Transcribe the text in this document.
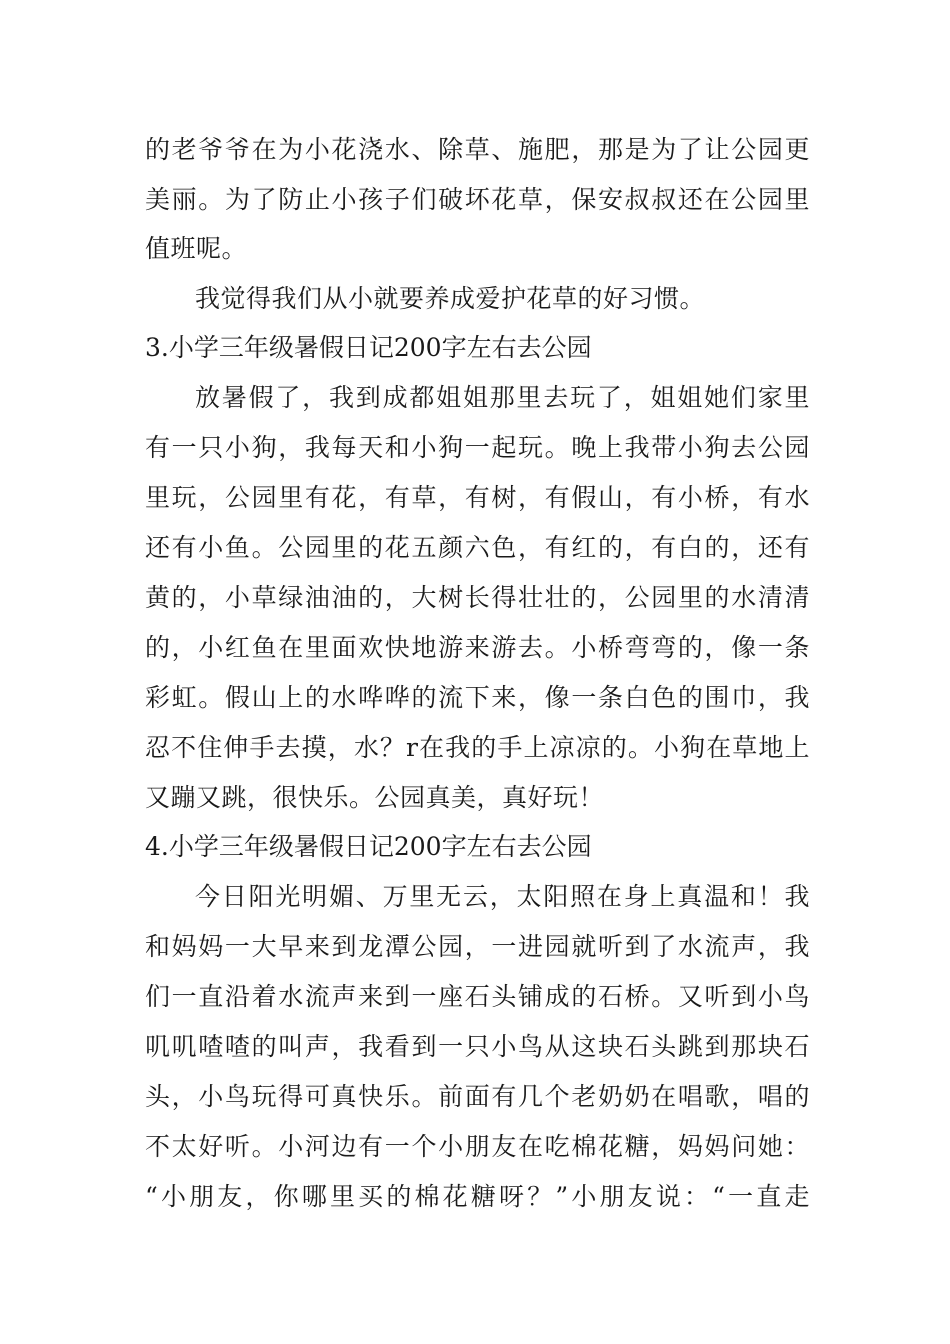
的老爷爷在为小花浇水、除草、施肥，那是为了让公园更
美丽。为了防止小孩子们破坏花草，保安叔叔还在公园里
值班呢。
我觉得我们从小就要养成爱护花草的好习惯。
3.小学三年级暑假日记200字左右去公园
放暑假了，我到成都姐姐那里去玩了，姐姐她们家里
有一只小狗，我每天和小狗一起玩。晚上我带小狗去公园
里玩，公园里有花，有草，有树，有假山，有小桥，有水
还有小鱼。公园里的花五颜六色，有红的，有白的，还有
黄的，小草绿油油的，大树长得壮壮的，公园里的水清清
的，小红鱼在里面欢快地游来游去。小桥弯弯的，像一条
彩虹。假山上的水哗哗的流下来，像一条白色的围巾，我
忍不住伸手去摸，水？r在我的手上凉凉的。小狗在草地上
又蹦又跳，很快乐。公园真美，真好玩！
4.小学三年级暑假日记200字左右去公园
今日阳光明媚、万里无云，太阳照在身上真温和！我
和妈妈一大早来到龙潭公园，一进园就听到了水流声，我
们一直沿着水流声来到一座石头铺成的石桥。又听到小鸟
叽叽喳喳的叫声，我看到一只小鸟从这块石头跳到那块石
头，小鸟玩得可真快乐。前面有几个老奶奶在唱歌，唱的
不太好听。小河边有一个小朋友在吃棉花糖，妈妈问她：
“小朋友，你哪里买的棉花糖呀？”小朋友说：“一直走
